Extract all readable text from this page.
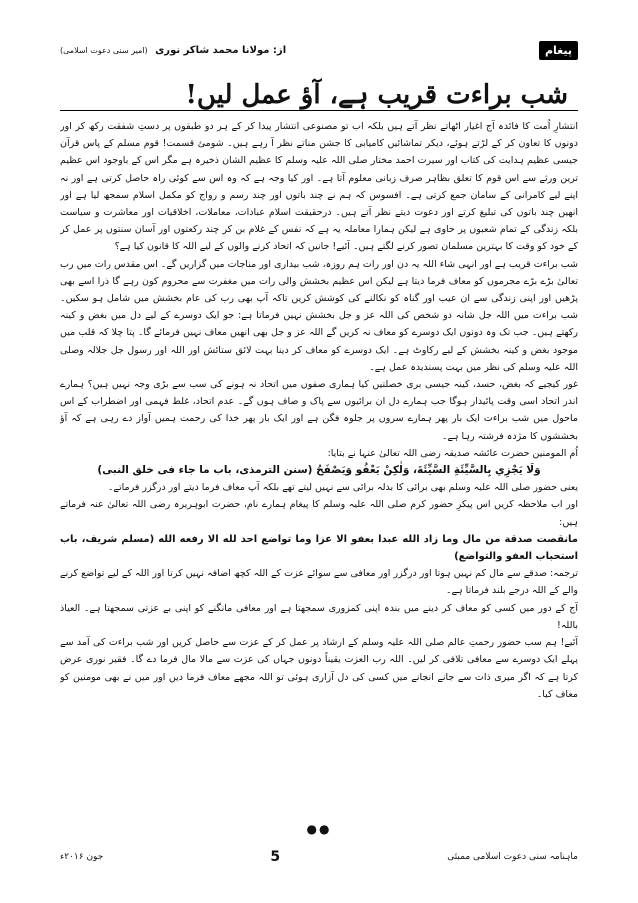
پیغام
از: مولانا محمد شاکر نوری (امیر سنی دعوت اسلامی)
شب براءت قریب ہے، آؤ عمل لیں!

انتشارِ اُمت کا فائدہ آج اغیار اٹھاتے نظر آتے ہیں بلکہ اب تو مصنوعی انتشار پیدا کر کے ہر دو طبقوں پر دستِ شفقت رکھ کر اور دونوں کا تعاون کر کے لڑتے ہوئے، دیکر تماشائیں کامیابی کا جشن مناتے نظر آ رہے ہیں۔ شومیٔ قسمت! قوم مسلم کے پاس قرآن جیسی عظیم ہدایت کی کتاب اور سیرت احمد مختار صلی اللہ علیہ وسلم کا عظیم الشان ذخیرہ ہے مگر اس کے باوجود اس عظیم ترین ورثے سے اس قوم کا تعلق بظاہر صرف زبانی معلوم آتا ہے۔ اور کیا وجہ ہے کہ وہ اس سے کوئی راہ حاصل کرتی ہے اور نہ اپنے لیے کامرانی کے سامان جمع کرتی ہے۔ افسوس کہ ہم نے چند باتوں اور چند رسم و رواج کو مکمل اسلام سمجھ لیا ہے اور انھیں چند باتوں کی تبلیغ کرتے اور دعوت دیتے نظر آتے ہیں۔ درحقیقت اسلام عبادات، معاملات، اخلاقیات اور معاشرت و سیاست بلکہ زندگی کے تمام شعبوں پر حاوی ہے لیکن ہمارا معاملہ یہ ہے کہ نفس کے غلام بن کر چند رکعتوں اور آسان سنتوں پر عمل کر کے خود کو وقت کا بہترین مسلمان تصور کرنے لگتے ہیں۔ آئیے! جانیں کہ اتحاد کرنے والوں کے لیے اللہ کا قانون کیا ہے؟

شب براءت قریب ہے اور انہی شاء اللہ یہ دن اور رات ہم روزہ، شب بیداری اور مناجات میں گزاریں گے۔ اس مقدس رات میں رب تعالیٰ بڑے بڑے مجرموں کو معاف فرما دیتا ہے لیکن اس عظیم بخشش والی رات میں مغفرت سے محروم کون رہے گا ذرا اسے بھی پڑھیں اور اپنی زندگی سے ان عیب اور گناہ کو نکالنے کی کوشش کریں تاکہ آپ بھی رب کی عام بخشش میں شامل ہو سکیں۔ شب براءت میں اللہ جل شانہ دو شخص کی اللہ عز و جل بخشش نہیں فرماتا ہے: جو ایک دوسرے کے لیے دل میں بغض و کینہ رکھتے ہیں۔ جب تک وہ دونوں ایک دوسرے کو معاف نہ کریں گے اللہ عز و جل بھی انھیں معاف نہیں فرمائے گا۔ پتا چلا کہ قلب میں موجود بغض و کینہ بخشش کے لیے رکاوٹ ہے۔ ایک دوسرے کو معاف کر دینا بہت لائق ستائش اور اللہ اور رسول جل جلالہ وصلی اللہ علیہ وسلم کی نظر میں بہت پسندیدہ عمل ہے۔

غور کیجیے کہ بغض، حسد، کینہ جیسی بری خصلتیں کیا ہماری صفوں میں اتحاد نہ ہونے کی سب سے بڑی وجہ نہیں ہیں؟ ہمارے اندر اتحاد اسی وقت پائیدار ہوگا جب ہمارے دل ان برائیوں سے پاک و صاف ہوں گے۔ عدم اتحاد، غلط فہمی اور اضطراب کے اس ماحول میں شب براءت ایک بار پھر ہمارے سروں پر جلوہ فگن ہے اور ایک بار پھر خدا کی رحمت ہمیں آواز دے رہی ہے کہ آؤ بخششوں کا مژدہ فرشتہ رہا ہے۔

اُم المومنین حضرت عائشہ صدیقہ رضی اللہ تعالیٰ عنہا نے بتایا:

وَلَا يَجْزِي بِالسَّيِّئَةِ السَّيِّئَةَ، وَلٰكِنْ يَعْفُو وَيَصْفَحُ (سنن الترمذی، باب ما جاء فی خلق النبی)

یعنی حضور صلی اللہ علیہ وسلم بھی برائی کا بدلہ برائی سے نہیں لیتے تھے بلکہ آپ معاف فرما دیتے اور درگزر فرماتے۔

اور اب ملاحظہ کریں اس پیکرِ حضور کرم صلی اللہ علیہ وسلم کا پیغام ہمارے نام، حضرت ابوہریرہ رضی اللہ تعالیٰ عنہ فرماتے ہیں:

مانقصت صدقة من مال وما زاد الله عبدا بعفو الا عزا وما تواضع احد لله الا رفعه الله (مسلم شریف، باب استحباب العفو والتواضع)

ترجمہ: صدقے سے مال کم نہیں ہوتا اور درگزر اور معافی سے سوائے عزت کے اللہ کچھ اضافہ نہیں کرتا اور اللہ کے لیے تواضع کرنے والے کے اللہ درجے بلند فرماتا ہے۔

آج کے دور میں کسی کو معاف کر دینے میں بندہ اپنی کمزوری سمجھتا ہے اور معافی مانگنے کو اپنی بے عزتی سمجھتا ہے۔ العیاذ باللہ!

آئیے! ہم سب حضور رحمتِ عالم صلی اللہ علیہ وسلم کے ارشاد پر عمل کر کے عزت سے حاصل کریں اور شب براءت کی آمد سے پہلے ایک دوسرے سے معافی تلافی کر لیں۔ اللہ رب العزت یقیناً دونوں جہاں کی عزت سے مالا مال فرما دے گا۔ فقیر نوری عرض کرتا ہے کہ اگر میری ذات سے جانے انجانے میں کسی کی دل آزاری ہوئی تو اللہ مجھے معاف فرما دیں اور میں نے بھی مومنین کو معاف کیا۔

●●
جون ۲۰۱۶ء	5	ماہنامہ سنی دعوت اسلامی ممبئی
